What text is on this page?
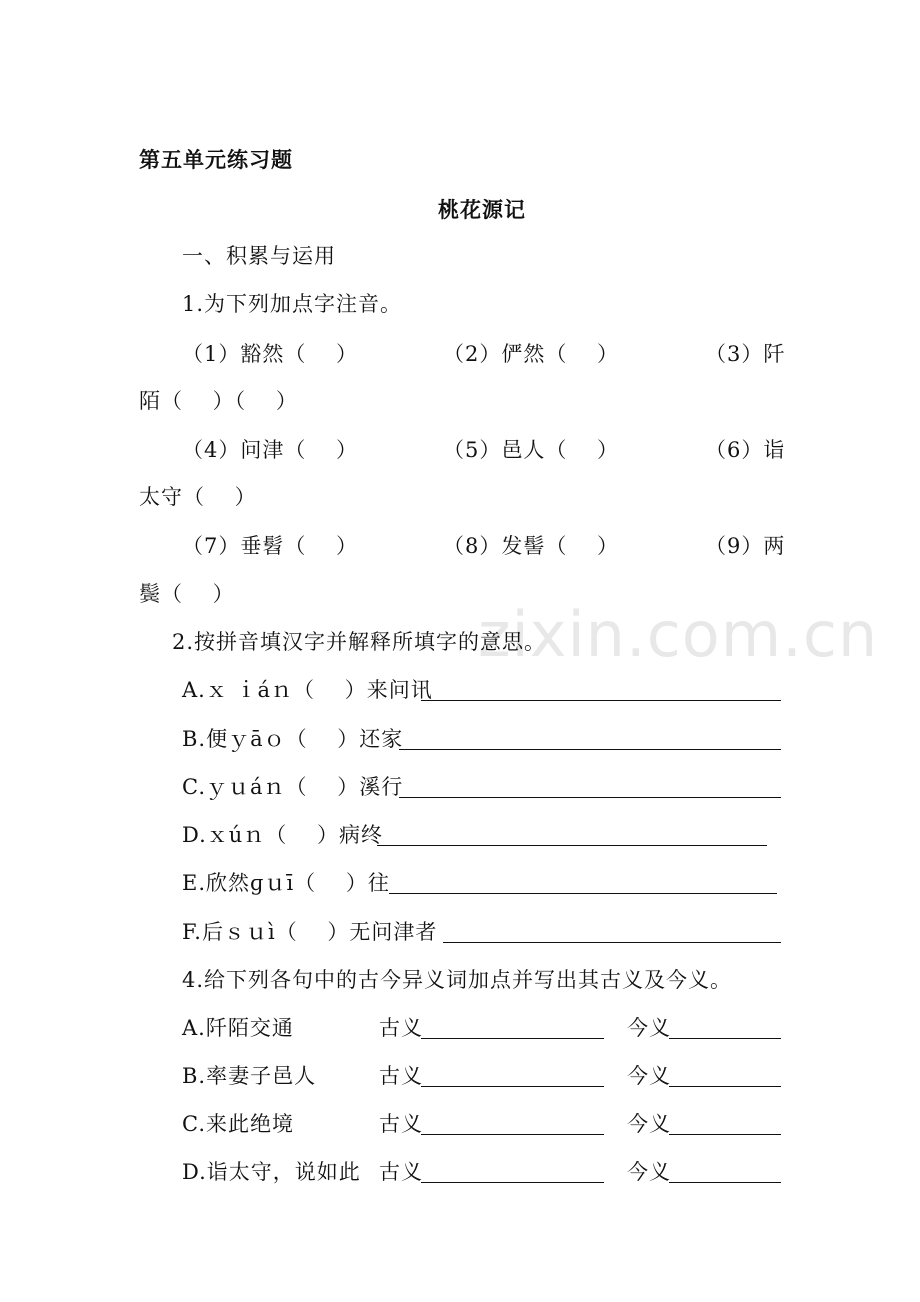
第五单元练习题
桃花源记
一、积累与运用
1.为下列加点字注音。
（1）豁然（　 ）	（2）俨然（　 ）	（3）阡
陌（　 ）（　 ）
（4）问津（　 ）	（5）邑人（　 ）	（6）诣
太守（　 ）
（7）垂髫（　 ）	（8）发髻（　 ）	（9）两
鬓（　 ）
zixin.com.cn
2.按拼音填汉字并解释所填字的意思。
A.ｘ ｉáｎ（　 ）来问讯
B.便ｙāｏ（　 ）还家
C.ｙｕáｎ（　 ）溪行
D.ｘúｎ（　 ）病终
E.欣然ɡｕī（　 ）往
F.后ｓｕì（　 ）无问津者
4.给下列各句中的古今异义词加点并写出其古义及今义。
A.阡陌交通	古义	今义
B.率妻子邑人	古义	今义
C.来此绝境	古义	今义
D.诣太守，说如此 古义	今义
